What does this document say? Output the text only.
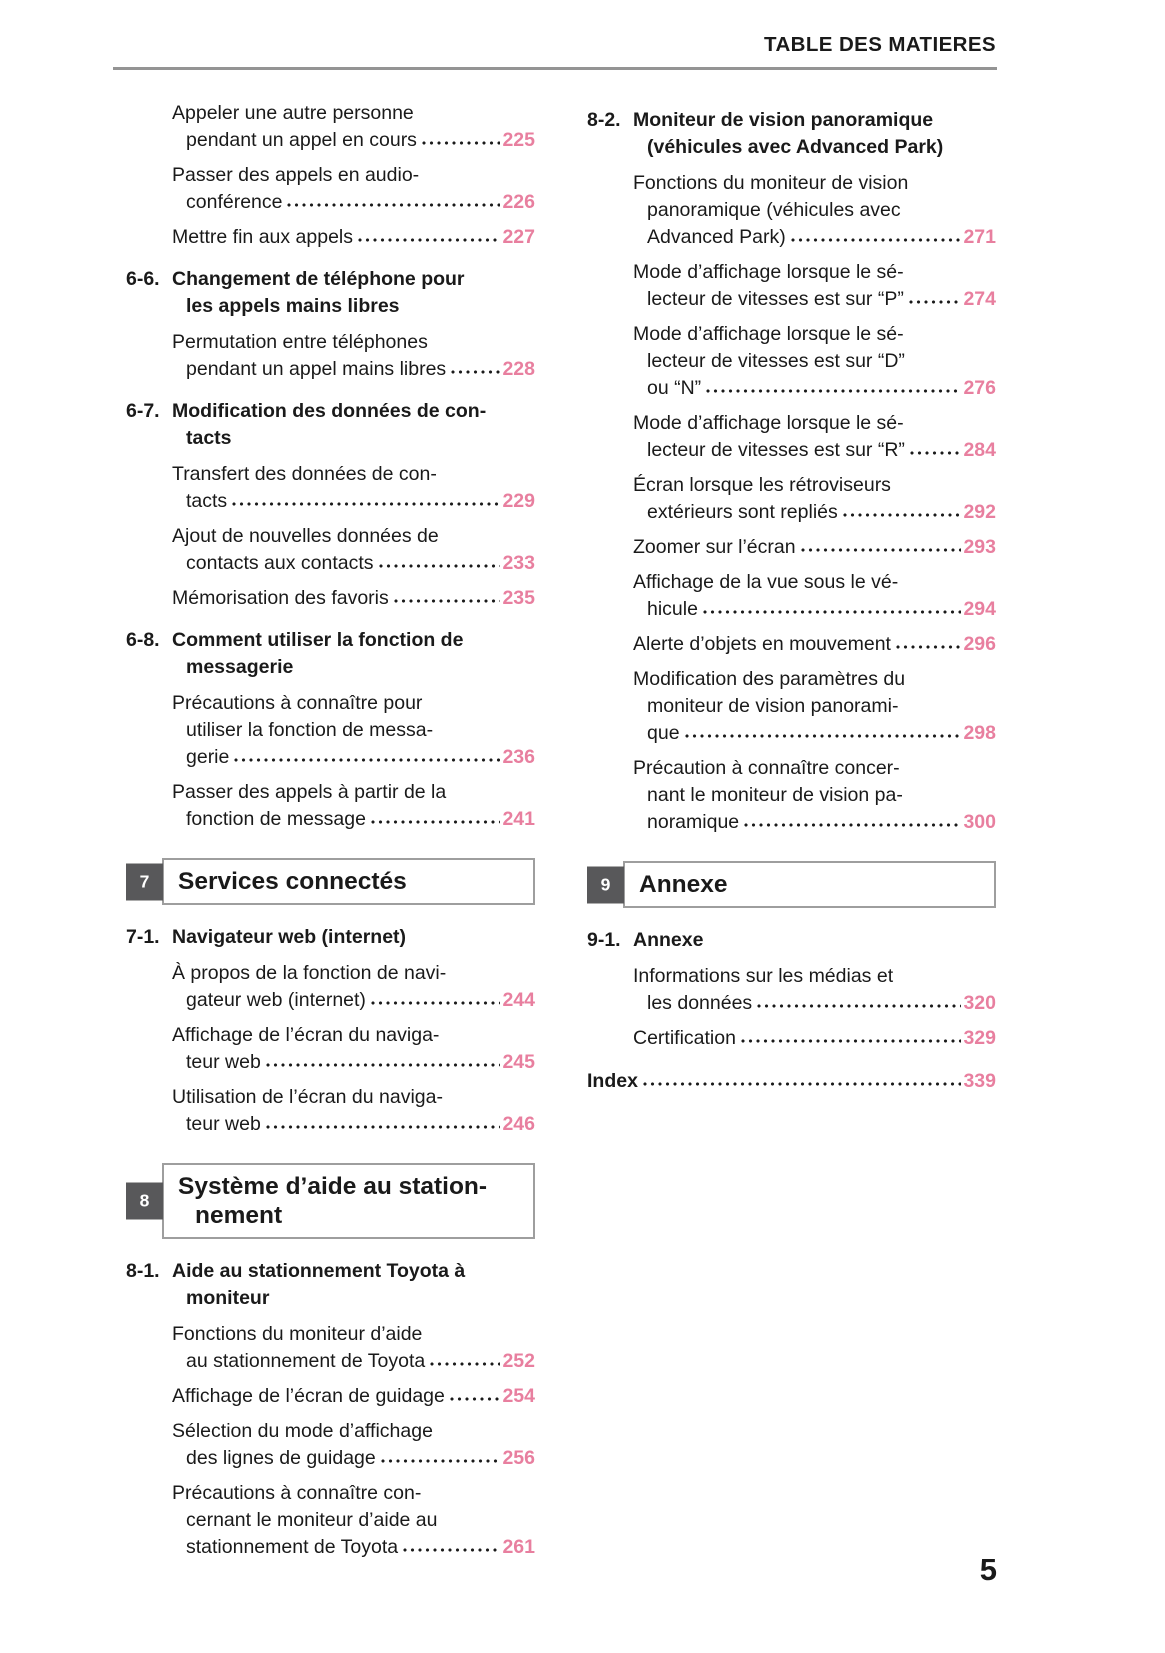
TABLE DES MATIERES
Appeler une autre personne
pendant un appel en cours	225
Passer des appels en audio-
conférence	226
Mettre fin aux appels	227
6-6. Changement de téléphone pour
les appels mains libres
Permutation entre téléphones
pendant un appel mains libres	228
6-7. Modification des données de con-
tacts
Transfert des données de con-
tacts	229
Ajout de nouvelles données de
contacts aux contacts	233
Mémorisation des favoris	235
6-8. Comment utiliser la fonction de
messagerie
Précautions à connaître pour
utiliser la fonction de messa-
gerie	236
Passer des appels à partir de la
fonction de message	241
7	Services connectés
7-1. Navigateur web (internet)
À propos de la fonction de navi-
gateur web (internet)	244
Affichage de l’écran du naviga-
teur web	245
Utilisation de l’écran du naviga-
teur web	246
8
Système d’aide au station-
nement
8-1. Aide au stationnement Toyota à
moniteur
Fonctions du moniteur d’aide
au stationnement de Toyota	252
Affichage de l’écran de guidage	254
Sélection du mode d’affichage
des lignes de guidage	256
Précautions à connaître con-
cernant le moniteur d’aide au
stationnement de Toyota	261
8-2. Moniteur de vision panoramique
(véhicules avec Advanced Park)
Fonctions du moniteur de vision
panoramique (véhicules avec
Advanced Park)	271
Mode d’affichage lorsque le sé-
lecteur de vitesses est sur “P”	274
Mode d’affichage lorsque le sé-
lecteur de vitesses est sur “D”
ou “N”	276
Mode d’affichage lorsque le sé-
lecteur de vitesses est sur “R”	284
Écran lorsque les rétroviseurs
extérieurs sont repliés	292
Zoomer sur l’écran	293
Affichage de la vue sous le vé-
hicule	294
Alerte d’objets en mouvement	296
Modification des paramètres du
moniteur de vision panorami-
que	298
Précaution à connaître concer-
nant le moniteur de vision pa-
noramique	300
9	Annexe
9-1. Annexe
Informations sur les médias et
les données	320
Certification	329
Index	339
5
